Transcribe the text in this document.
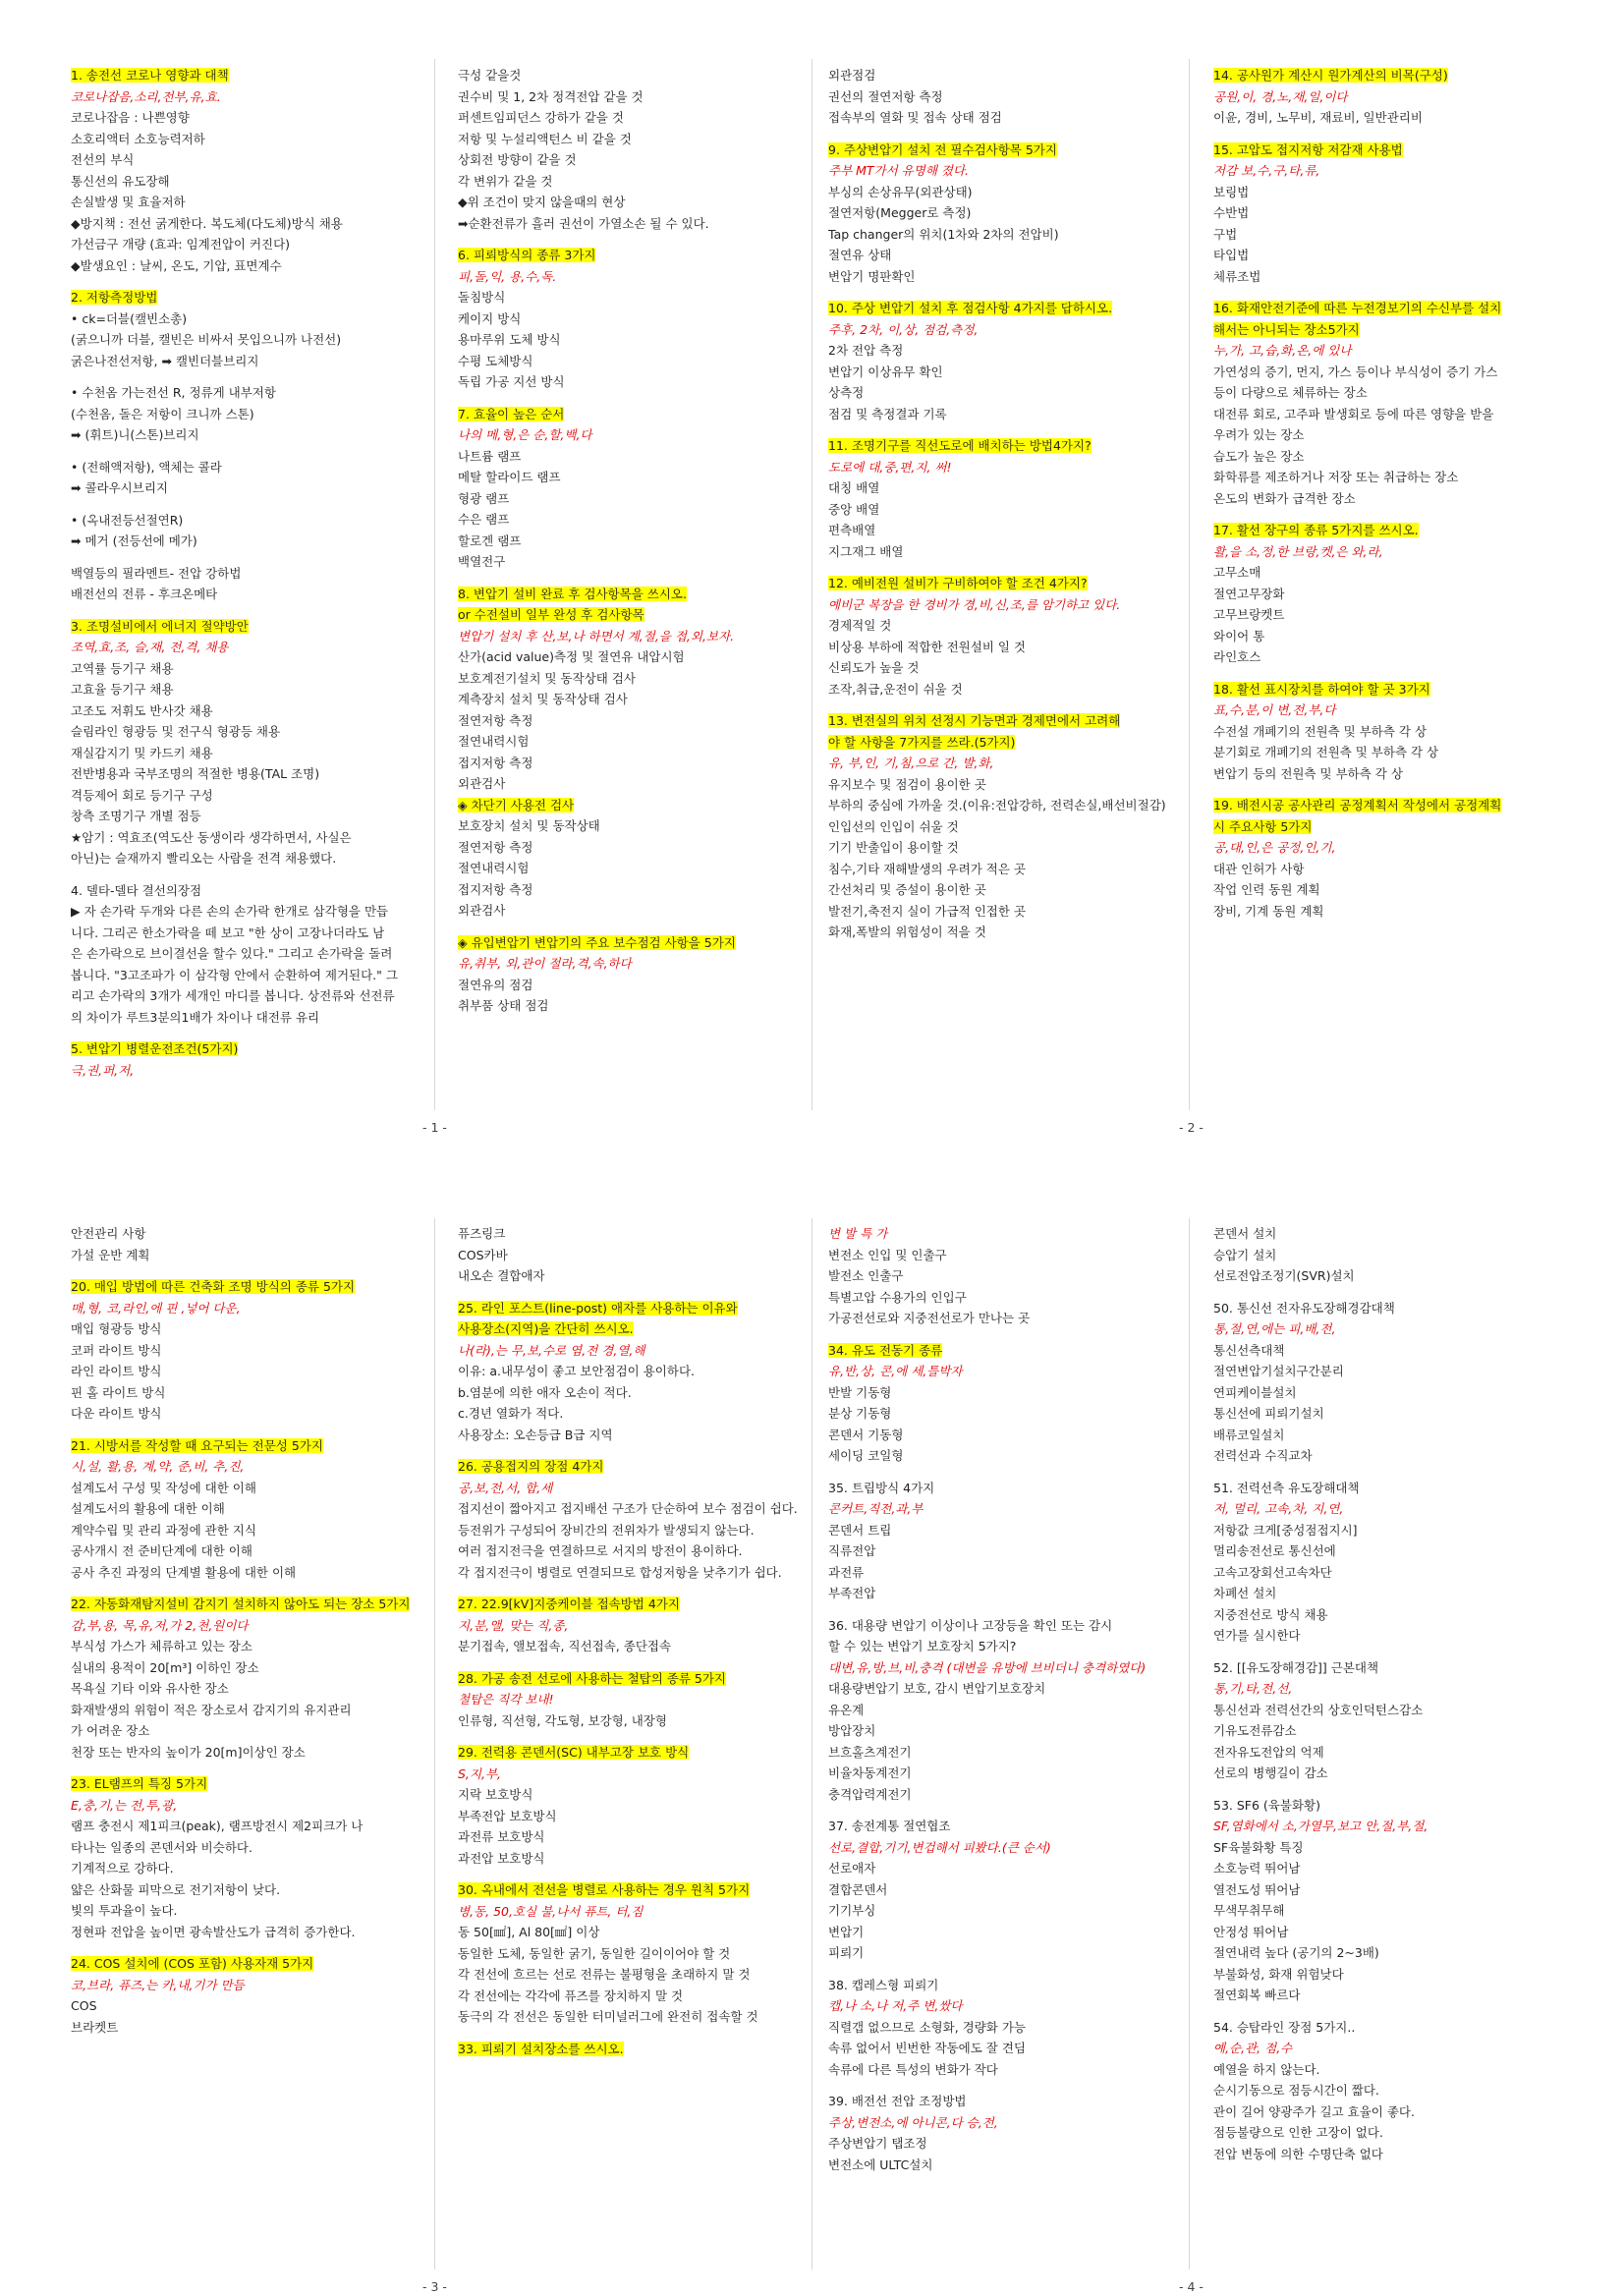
1. 송전선 코로나 영향과 대책
코로나잡음,소리,전부,유,효.
코로나잡음 : 나쁜영향
소호리액터 소호능력저하
전선의 부식
통신선의 유도장해
손실발생 및 효율저하
◆방지책 : 전선 굵게한다. 복도체(다도체)방식 채용
가선금구 개량 (효과: 임계전압이 커진다)
◆발생요인 : 날씨, 온도, 기압, 표면계수
2. 저항측정방법
• ck=더블(캘빈소총)
(굵으니까 더블, 캘빈은 비싸서 못입으니까 나전선)
굵은나전선저항, ➡ 캘빈더블브리지
• 수천옴 가는전선 R, 정류게 내부저항
(수천옴, 돌은 저항이 크니까 스톤)
➡ (휘트)니(스톤)브리지
• (전해액저항), 액체는 콜라
➡ 콜라우시브리지
• (옥내전등선절연R)
➡ 메거 (전등선에 메가)
백열등의 필라멘트- 전압 강하법
배전선의 전류 - 후크온메타
3. 조명설비에서 에너지 절약방안
조역,효,조, 슬,재, 전,격, 채용
고역률 등기구 채용
고효율 등기구 채용
고조도 저휘도 반사갓 채용
슬림라인 형광등 및 전구식 형광등 채용
재실감지기 및 카드키 채용
전반병용과 국부조명의 적절한 병용(TAL 조명)
격등제어 회로 등기구 구성
창측 조명기구 개별 점등
★암기 : 역효조(역도산 동생이라 생각하면서, 사실은
아닌)는 슬재까지 빨리오는 사람을 전격 채용했다.
4. 델타-델타 결선의장점
▶ 자 손가락 두개와 다른 손의 손가락 한개로 삼각형을 만듭
니다. 그리곤 한소가락을 떼 보고 "한 상이 고장나더라도 남
은 손가락으로 브이결선을 할수 있다." 그리고 손가락을 돌려
봅니다. "3고조파가 이 삼각형 안에서 순환하여 제거된다." 그
리고 손가락의 3개가 세개인 마디를 봅니다. 상전류와 선전류
의 차이가 루트3분의1배가 차이나 대전류 유리
5. 변압기 병렬운전조건(5가지)
극,권,퍼,저,
극성 같을것
권수비 및 1, 2차 정격전압 같을 것
퍼센트임피던스 강하가 같을 것
저항 및 누설리액턴스 비 같을 것
상회전 방향이 같을 것
각 변위가 같을 것
◆위 조건이 맞지 않을때의 현상
➡순환전류가 흘러 권선이 가열소손 될 수 있다.
6. 피뢰방식의 종류 3가지
피,돌,익, 용,수,독.
돌침방식
케이지 방식
용마루위 도체 방식
수평 도체방식
독립 가공 지선 방식
7. 효율이 높은 순서
나의 메,형,은 순,할,백,다
나트륨 램프
메탈 할라이드 램프
형광 램프
수은 램프
할로겐 램프
백열전구
8. 변압기 설비 완료 후 검사항목을 쓰시오.
or 수전설비 일부 완성 후 검사항목
변압기 설치 후 산,보,나 하면서 계,절,을 접,외,보자.
산가(acid value)측정 및 절연유 내압시험
보호계전기설치 및 동작상태 검사
계측장치 설치 및 동작상태 검사
절연저항 측정
절연내력시험
접지저항 측정
외관검사
◈ 차단기 사용전 검사
보호장치 설치 및 동작상태
절연저항 측정
절연내력시험
접지저항 측정
외관검사
◈ 유입변압기 변압기의 주요 보수점검 사항을 5가지
유,취부, 외,관이 절라,격,속,하다
절연유의 점검
취부품 상태 점검
외관점검
권선의 절연저항 측정
접속부의 열화 및 접속 상태 점검
9. 주상변압기 설치 전 필수검사항목 5가지
주부 MT가서 유명해 졌다.
부싱의 손상유무(외관상태)
절연저항(Megger로 측정)
Tap changer의 위치(1차와 2차의 전압비)
절연유 상태
변압기 명판확인
10. 주상 변압기 설치 후 점검사항 4가지를 답하시오.
주후, 2차, 이,상, 점검,측정,
2차 전압 측정
변압기 이상유무 확인
상측정
점검 및 측정결과 기록
11. 조명기구를 직선도로에 배치하는 방법4가지?
도로에 대,중,편,지, 써!
대칭 배열
중앙 배열
편측배열
지그재그 배열
12. 예비전원 설비가 구비하여야 할 조건 4가지?
예비군 복장을 한 경비가 경,비,신,조,를 암기하고 있다.
경제적일 것
비상용 부하에 적합한 전원설비 일 것
신뢰도가 높을 것
조작,취급,운전이 쉬울 것
13. 변전실의 위치 선정시 기능면과 경제면에서 고려해
야 할 사항을 7가지를 쓰라.(5가지)
유, 부,인, 기,침,으로 간, 발,화,
유지보수 및 점검이 용이한 곳
부하의 중심에 가까울 것.(이유:전압강하, 전력손실,배선비절감)
인입선의 인입이 쉬울 것
기기 반출입이 용이할 것
침수,기타 재해발생의 우려가 적은 곳
간선처리 및 증설이 용이한 곳
발전기,축전지 실이 가급적 인접한 곳
화재,폭발의 위험성이 적을 것
14. 공사원가 계산시 원가계산의 비목(구성)
공원,이, 경,노,재,일,이다
이윤, 경비, 노무비, 재료비, 일반관리비
15. 고압도 접지저항 저감재 사용법
저감 보,수,구,타,류,
보링법
수반법
구법
타입법
체류조법
16. 화재안전기준에 따른 누전경보기의 수신부를 설치
해서는 아니되는 장소5가지
누,가, 고,습,화,온,에 있나
가연성의 증기, 먼지, 가스 등이나 부식성이 증기 가스
등이 다량으로 체류하는 장소
대전류 회로, 고주파 발생회로 등에 따른 영향을 받을
우려가 있는 장소
습도가 높은 장소
화학류를 제조하거나 저장 또는 취급하는 장소
온도의 변화가 급격한 장소
17. 활선 장구의 종류 5가지를 쓰시오.
활,을 소,정,한 브랑,켓,은 와,라,
고무소매
절연고무장화
고무브랑켓트
와이어 통
라인호스
18. 활선 표시장치를 하여야 할 곳 3가지
표,수,분,이 변,전,부,다
수전설 개폐기의 전원측 및 부하측 각 상
분기회로 개폐기의 전원측 및 부하측 각 상
변압기 등의 전원측 및 부하측 각 상
19. 배전시공 공사관리 공정계획서 작성에서 공정계획
시 주요사항 5가지
공,대,인,은 공정,인,기,
대관 인허가 사항
작업 인력 동원 계획
장비, 기계 동원 계획
안전관리 사항
가설 운반 계획
20. 매입 방법에 따른 건축화 조명 방식의 종류 5가지
매,형, 코,라인,에 핀 ,넣어 다운,
매입 형광등 방식
코퍼 라이트 방식
라인 라이트 방식
핀 홀 라이트 방식
다운 라이트 방식
21. 시방서를 작성할 때 요구되는 전문성 5가지
시,설, 활,용, 계,약, 준,비, 추,진,
설계도서 구성 및 작성에 대한 이해
설계도서의 활용에 대한 이해
계약수립 및 관리 과정에 관한 지식
공사개시 전 준비단계에 대한 이해
공사 추진 과정의 단계별 활용에 대한 이해
22. 자동화재탐지설비 감지기 설치하지 않아도 되는 장소 5가지
감,부,용, 목,유,저,가 2,천,원이다
부식성 가스가 체류하고 있는 장소
실내의 용적이 20[m³] 이하인 장소
목욕실 기타 이와 유사한 장소
화재발생의 위험이 적은 장소로서 감지기의 유지관리
가 어려운 장소
천장 또는 반자의 높이가 20[m]이상인 장소
23. EL램프의 특징 5가지
E,충,기,는 전,투,광,
램프 충전시 제1피크(peak), 램프방전시 제2피크가 나
타나는 일종의 콘덴서와 비슷하다.
기계적으로 강하다.
얇은 산화물 피막으로 전기저항이 낮다.
빛의 투과율이 높다.
정현파 전압을 높이면 광속발산도가 급격히 증가한다.
24. COS 설치에 (COS 포함) 사용자재 5가지
코,브라, 퓨즈,는 카,내,기가 만듬
COS
브라켓트
퓨즈링크
COS카바
내오손 결합애자
25. 라인 포스트(line-post) 애자를 사용하는 이유와
사용장소(지역)을 간단히 쓰시오.
나(라),는 무,보,수로 염,전 경,열,해
이유: a.내무성이 좋고 보안점검이 용이하다.
b.염분에 의한 애자 오손이 적다.
c.경년 열화가 적다.
사용장소: 오손등급 B급 지역
26. 공용접지의 장점 4가지
공,보,전,서, 합,세
접지선이 짧아지고 접지배선 구조가 단순하여 보수 점검이 쉽다.
등전위가 구성되어 장비간의 전위차가 발생되지 않는다.
여러 접지전극을 연결하므로 서지의 방전이 용이하다.
각 접지전극이 병렬로 연결되므로 합성저항을 낮추기가 쉽다.
27. 22.9[kV]지중케이블 접속방법 4가지
지,분,앨, 맞는 직,종,
분기접속, 앨보접속, 직선접속, 종단접속
28. 가공 송전 선로에 사용하는 철탑의 종류 5가지
철탑은 직각 보내!
인류형, 직선형, 각도형, 보강형, 내장형
29. 전력용 콘덴서(SC) 내부고장 보호 방식
S,지,부,
지락 보호방식
부족전압 보호방식
과전류 보호방식
과전압 보호방식
30. 옥내에서 전선을 병렬로 사용하는 경우 원칙 5가지
병,동, 50,호실 불,나서 퓨트, 터,짐
동 50[㎟], Al 80[㎟] 이상
동일한 도체, 동일한 굵기, 동일한 길이이어야 할 것
각 전선에 흐르는 선로 전류는 불평형을 초래하지 말 것
각 전선에는 각각에 퓨즈를 장치하지 말 것
동극의 각 전선은 동일한 터미널러그에 완전히 접속할 것
33. 피뢰기 설치장소를 쓰시오.
변 발 특 가
변전소 인입 및 인출구
발전소 인출구
특별고압 수용가의 인입구
가공전선로와 지중전선로가 만나는 곳
34. 유도 전동기 종류
유,반,상, 콘,에 세,틀박자
반발 기동형
분상 기동형
콘덴서 기동형
세이딩 코일형
35. 트립방식 4가지
콘커트,직전,과,부
콘덴서 트립
직류전압
과전류
부족전압
36. 대용량 변압기 이상이나 고장등을 확인 또는 감시
할 수 있는 변압기 보호장치 5가지?
대변,유,방,브,비,충격 (대변을 유방에 브비더니 충격하였다)
대용량변압기 보호, 감시 변압기보호장치
유온계
방압장치
브흐홀츠계전기
비율차동계전기
충격압력계전기
37. 송전계통 절연협조
선로,결합,기기,변겁해서 피봤다.(큰 순서)
선로애자
결합콘덴서
기기부싱
변압기
피뢰기
38. 캡레스형 피뢰기
캡,나 소,나 저,주 변,쌌다
직렬갭 없으므로 소형화, 경량화 가능
속류 없어서 빈번한 작동에도 잘 견딤
속류에 다른 특성의 변화가 작다
39. 배전선 전압 조정방법
주상,변전소,에 아니콘,다 승,전,
주상변압기 탭조정
변전소에 ULTC설치
콘덴서 설치
승압기 설치
선로전압조정기(SVR)설치
50. 통신선 전자유도장해경감대책
통,절,연,에는 피,배,전,
통신선측대책
절연변압기설치구간분리
연피케이블설치
통신선에 피뢰기설치
배류코일설치
전력선과 수직교차
51. 전력선측 유도장해대책
저, 멀리, 고속,차, 지,연,
저항값 크게[중성점접지시]
멀리송전선로 통신선에
고속고장회선고속차단
차폐선 설치
지중전선로 방식 채용
연가를 실시한다
52. [[유도장해경감]] 근본대책
통,기,타,전,선,
통신선과 전력선간의 상호인덕턴스감소
기유도전류감소
전자유도전압의 억제
선로의 병행길이 감소
53. SF6 (육불화황)
SF,염화에서 소,가열무,보고 안,절,부,절,
SF육불화황 특징
소호능력 뛰어남
열전도성 뛰어남
무색무취무해
안정성 뛰어남
절연내력 높다 (공기의 2~3배)
부불화성, 화재 위험낮다
절연회복 빠르다
54. 승탑라인 장점 5가지..
예,순,관, 점,수
예열을 하지 않는다.
순시기동으로 점등시간이 짧다.
관이 길어 양광주가 길고 효율이 좋다.
점등불량으로 인한 고장이 없다.
전압 변동에 의한 수명단축 없다
- 1 -	- 2 -
- 3 -	- 4 -
